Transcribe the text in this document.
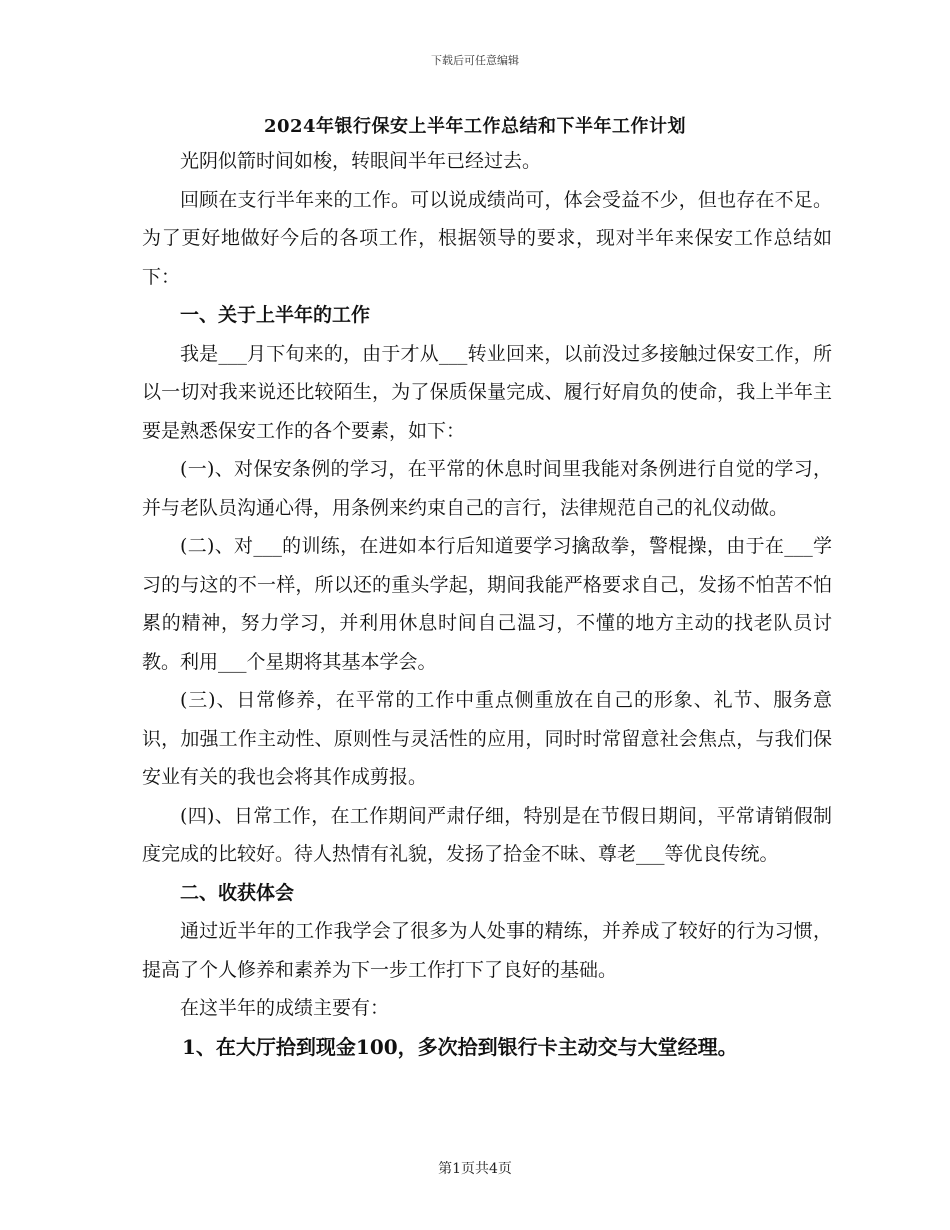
下载后可任意编辑
2024年银行保安上半年工作总结和下半年工作计划

光阴似箭时间如梭，转眼间半年已经过去。

回顾在支行半年来的工作。可以说成绩尚可，体会受益不少，但也存在不足。为了更好地做好今后的各项工作，根据领导的要求，现对半年来保安工作总结如下：

一、关于上半年的工作

我是___月下旬来的，由于才从___转业回来，以前没过多接触过保安工作，所以一切对我来说还比较陌生，为了保质保量完成、履行好肩负的使命，我上半年主要是熟悉保安工作的各个要素，如下：

(一)、对保安条例的学习，在平常的休息时间里我能对条例进行自觉的学习，并与老队员沟通心得，用条例来约束自己的言行，法律规范自己的礼仪动做。

(二)、对___的训练，在进如本行后知道要学习擒敌拳，警棍操，由于在___学习的与这的不一样，所以还的重头学起，期间我能严格要求自己，发扬不怕苦不怕累的精神，努力学习，并利用休息时间自己温习，不懂的地方主动的找老队员讨教。利用___个星期将其基本学会。

(三)、日常修养，在平常的工作中重点侧重放在自己的形象、礼节、服务意识，加强工作主动性、原则性与灵活性的应用，同时时常留意社会焦点，与我们保安业有关的我也会将其作成剪报。

(四)、日常工作，在工作期间严肃仔细，特别是在节假日期间，平常请销假制度完成的比较好。待人热情有礼貌，发扬了拾金不昧、尊老___等优良传统。

二、收获体会

通过近半年的工作我学会了很多为人处事的精练，并养成了较好的行为习惯，提高了个人修养和素养为下一步工作打下了良好的基础。

在这半年的成绩主要有：

1、在大厅拾到现金100，多次拾到银行卡主动交与大堂经理。

第1页共4页
